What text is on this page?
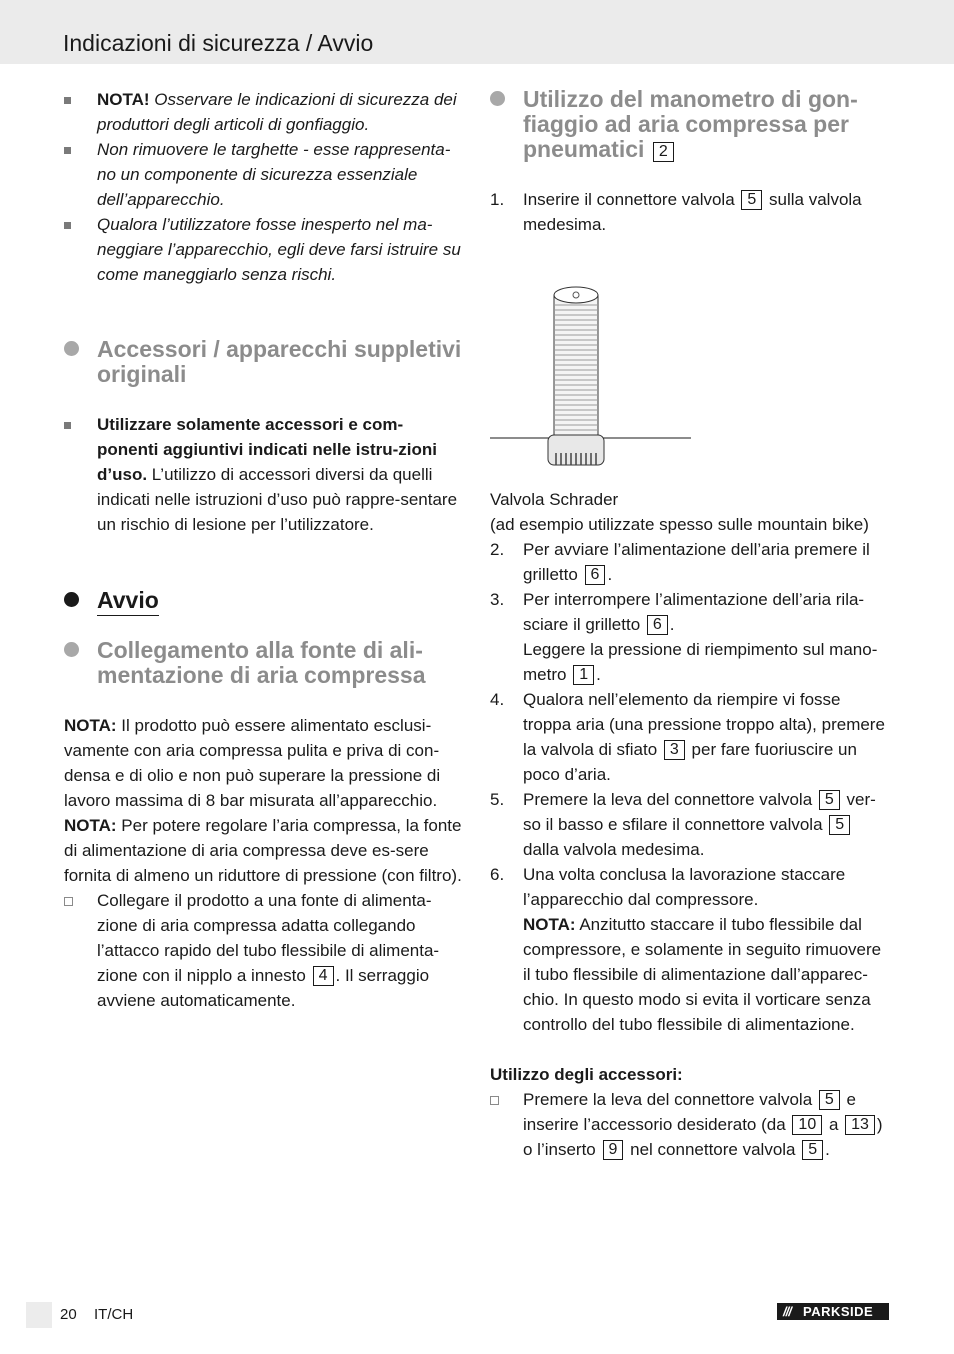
Indicazioni di sicurezza / Avvio

NOTA! Osservare le indicazioni di sicurezza dei produttori degli articoli di gonfiaggio.

Non rimuovere le targhette - esse rappresenta-no un componente di sicurezza essenziale dell’apparecchio.

Qualora l’utilizzatore fosse inesperto nel ma-neggiare l’apparecchio, egli deve farsi istruire su come maneggiarlo senza rischi.

Accessori / apparecchi suppletivi originali

Utilizzare solamente accessori e com-ponenti aggiuntivi indicati nelle istru-zioni d’uso. L’utilizzo di accessori diversi da quelli indicati nelle istruzioni d’uso può rappre-sentare un rischio di lesione per l’utilizzatore.

Avvio
Collegamento alla fonte di ali-mentazione di aria compressa

NOTA: Il prodotto può essere alimentato esclusi-vamente con aria compressa pulita e priva di con-densa e di olio e non può superare la pressione di lavoro massima di 8 bar misurata all’apparecchio.

NOTA: Per potere regolare l’aria compressa, la fonte di alimentazione di aria compressa deve es-sere fornita di almeno un riduttore di pressione (con filtro).

Collegare il prodotto a una fonte di alimenta-zione di aria compressa adatta collegando l’attacco rapido del tubo flessibile di alimenta-zione con il nipplo a innesto 4 . Il serraggio avviene automaticamente.

Utilizzo del manometro di gon-fiaggio ad aria compressa per pneumatici 2
1. Inserire il connettore valvola 5 sulla valvola medesima.

Valvola Schrader

(ad esempio utilizzate spesso sulle mountain bike)

2. Per avviare l’alimentazione dell’aria premere il grilletto 6 .

3. Per interrompere l’alimentazione dell’aria rila-sciare il grilletto 6 .

Leggere la pressione di riempimento sul mano-metro 1 .

4. Qualora nell’elemento da riempire vi fosse troppa aria (una pressione troppo alta), premere la valvola di sfiato 3 per fare fuoriuscire un poco d’aria.

5. Premere la leva del connettore valvola 5 ver-so il basso e sfilare il connettore valvola 5 dalla valvola medesima.

6. Una volta conclusa la lavorazione staccare l’apparecchio dal compressore.

NOTA: Anzitutto staccare il tubo flessibile dal compressore, e solamente in seguito rimuovere il tubo flessibile di alimentazione dall’apparec-chio. In questo modo si evita il vorticare senza controllo del tubo flessibile di alimentazione.

Utilizzo degli accessori:

Premere la leva del connettore valvola 5 e inserire l’accessorio desiderato (da 10 a 13 ) o l’inserto 9 nel connettore valvola 5 .

20 IT/CH	/// PARKSIDE
